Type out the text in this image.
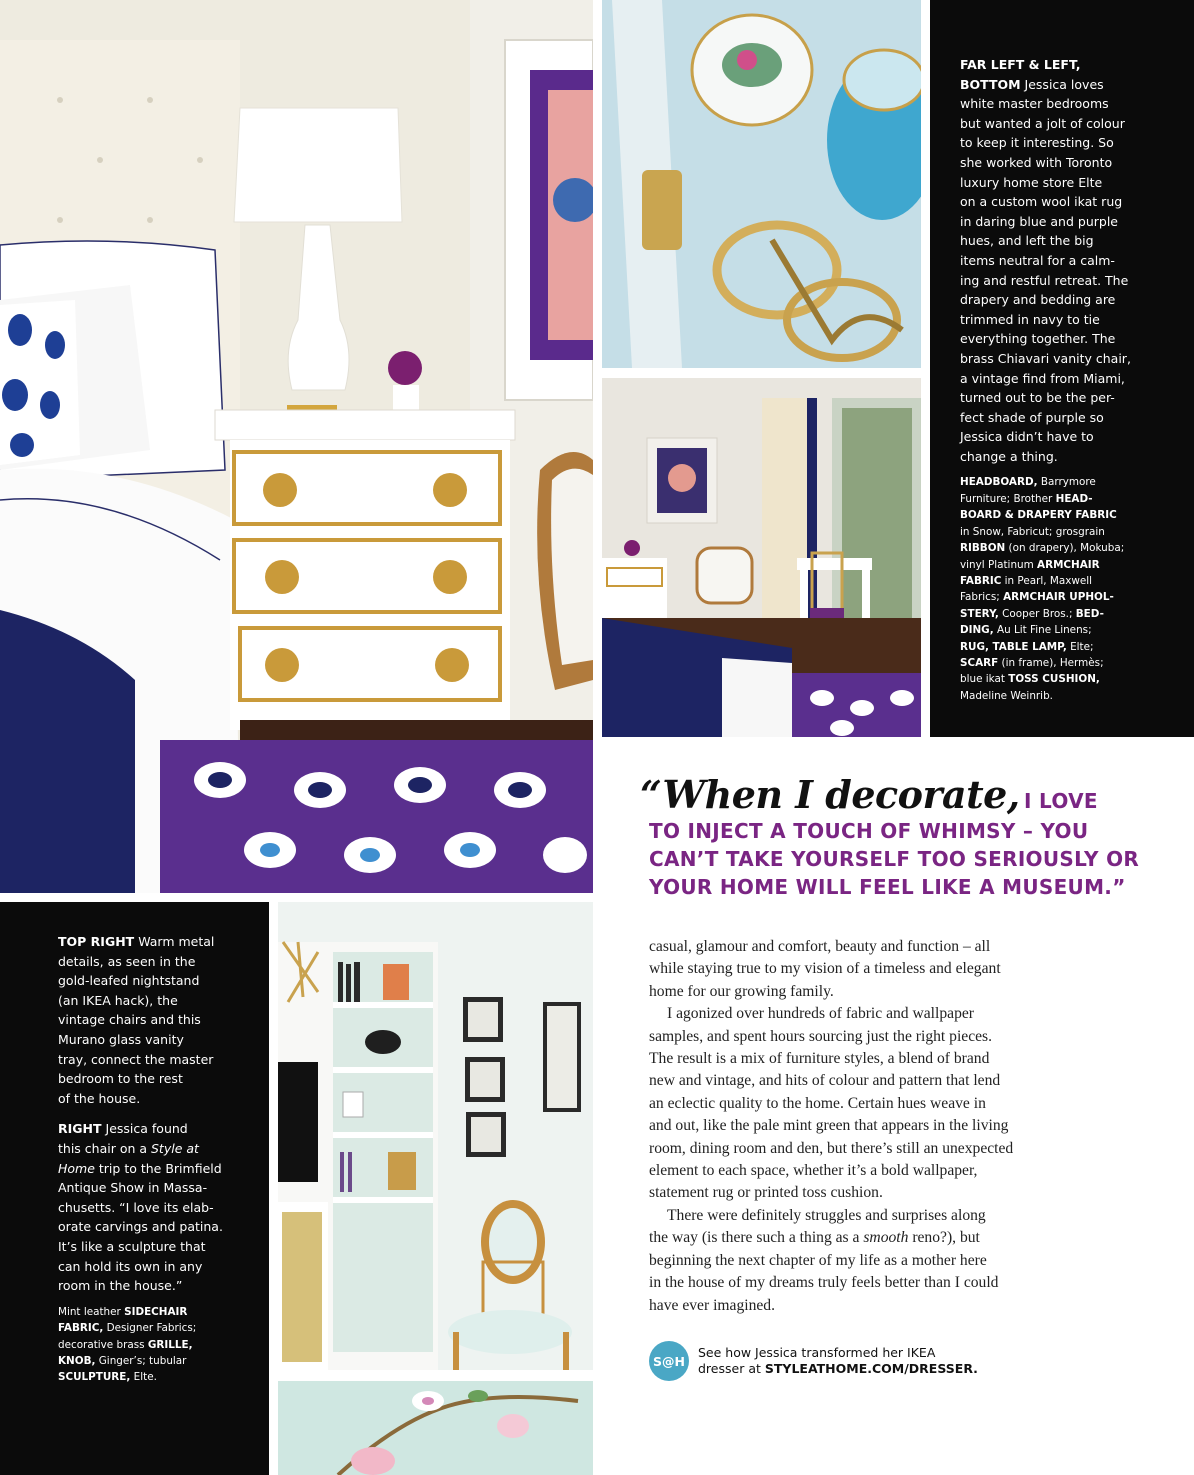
FAR LEFT & LEFT,
BOTTOM Jessica loves
white master bedrooms
but wanted a jolt of colour
to keep it interesting. So
she worked with Toronto
luxury home store Elte
on a custom wool ikat rug
in daring blue and purple
hues, and left the big
items neutral for a calm-
ing and restful retreat. The
drapery and bedding are
trimmed in navy to tie
everything together. The
brass Chiavari vanity chair,
a vintage find from Miami,
turned out to be the per-
fect shade of purple so
Jessica didn’t have to
change a thing.

HEADBOARD, Barrymore
Furniture; Brother HEAD-
BOARD & DRAPERY FABRIC
in Snow, Fabricut; grosgrain
RIBBON (on drapery), Mokuba;
vinyl Platinum ARMCHAIR
FABRIC in Pearl, Maxwell
Fabrics; ARMCHAIR UPHOL-
STERY, Cooper Bros.; BED-
DING, Au Lit Fine Linens;
RUG, TABLE LAMP, Elte;
SCARF (in frame), Hermès;
blue ikat TOSS CUSHION,
Madeline Weinrib.

TOP RIGHT Warm metal
details, as seen in the
gold-leafed nightstand
(an IKEA hack), the
vintage chairs and this
Murano glass vanity
tray, connect the master
bedroom to the rest
of the house.

RIGHT Jessica found
this chair on a Style at
Home trip to the Brimfield
Antique Show in Massa-
chusetts. “I love its elab-
orate carvings and patina.
It’s like a sculpture that
can hold its own in any
room in the house.”

Mint leather SIDECHAIR
FABRIC, Designer Fabrics;
decorative brass GRILLE,
KNOB, Ginger’s; tubular
SCULPTURE, Elte.

“When I decorate, I LOVE
TO INJECT A TOUCH OF WHIMSY – YOU
CAN’T TAKE YOURSELF TOO SERIOUSLY OR
YOUR HOME WILL FEEL LIKE A MUSEUM.”

casual, glamour and comfort, beauty and function – all
while staying true to my vision of a timeless and elegant
home for our growing family.

I agonized over hundreds of fabric and wallpaper
samples, and spent hours sourcing just the right pieces.
The result is a mix of furniture styles, a blend of brand
new and vintage, and hits of colour and pattern that lend
an eclectic quality to the home. Certain hues weave in
and out, like the pale mint green that appears in the living
room, dining room and den, but there’s still an unexpected
element to each space, whether it’s a bold wallpaper,
statement rug or printed toss cushion.

There were definitely struggles and surprises along
the way (is there such a thing as a smooth reno?), but
beginning the next chapter of my life as a mother here
in the house of my dreams truly feels better than I could
have ever imagined.

S@H
See how Jessica transformed her IKEA
dresser at STYLEATHOME.COM/DRESSER.
